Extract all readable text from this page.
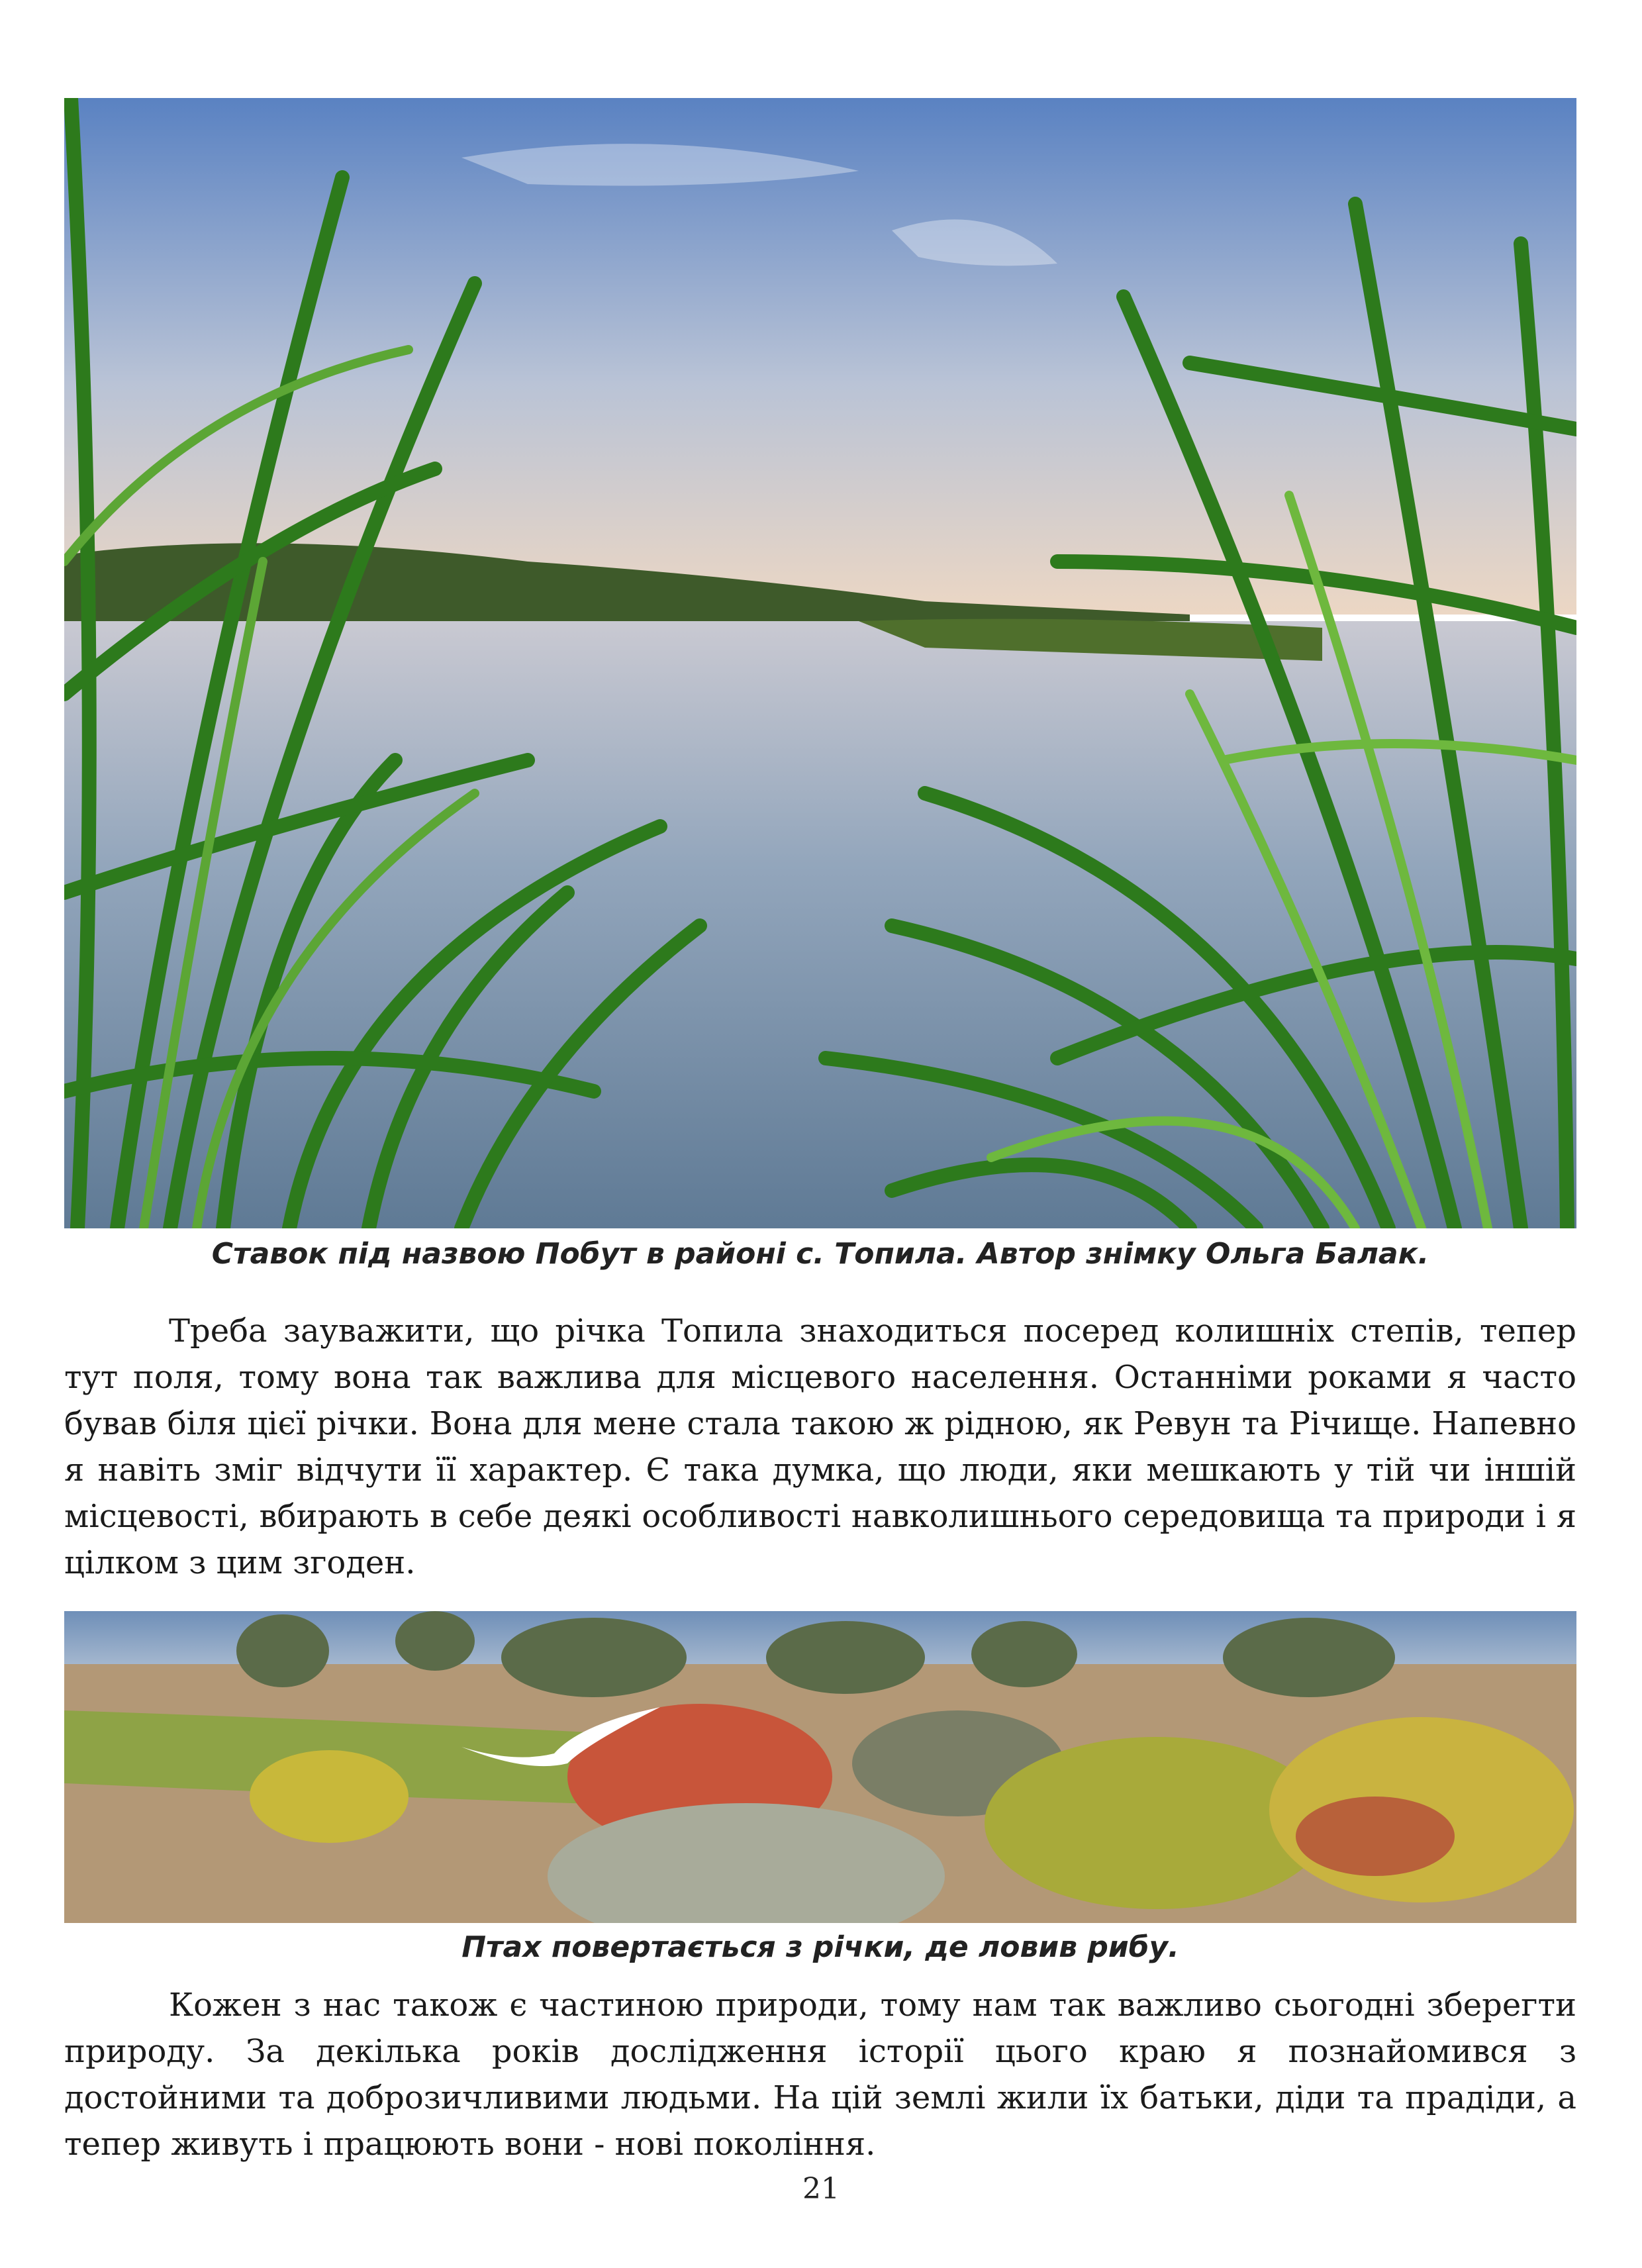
Ставок під назвою Побут в районі с. Топила. Автор знімку Ольга Балак.

Треба зауважити, що річка Топила знаходиться посеред колишніх степів, тепер тут поля, тому вона так важлива для місцевого населення. Останніми роками я часто бував біля цієї річки. Вона для мене стала такою ж рідною, як Ревун та Річище. Напевно я навіть зміг відчути її характер. Є така думка, що люди, яки мешкають у тій чи іншій місцевості, вбирають в себе деякі особливості навколишнього середовища та природи і я цілком з цим згоден.

Птах повертається з річки, де ловив рибу.

Кожен з нас також є частиною природи, тому нам так важливо сьогодні зберегти природу. За декілька років дослідження історії цього краю я познайомився з достойними та доброзичливими людьми. На цій землі жили їх батьки, діди та прадіди, а тепер живуть і працюють вони - нові покоління.

21
